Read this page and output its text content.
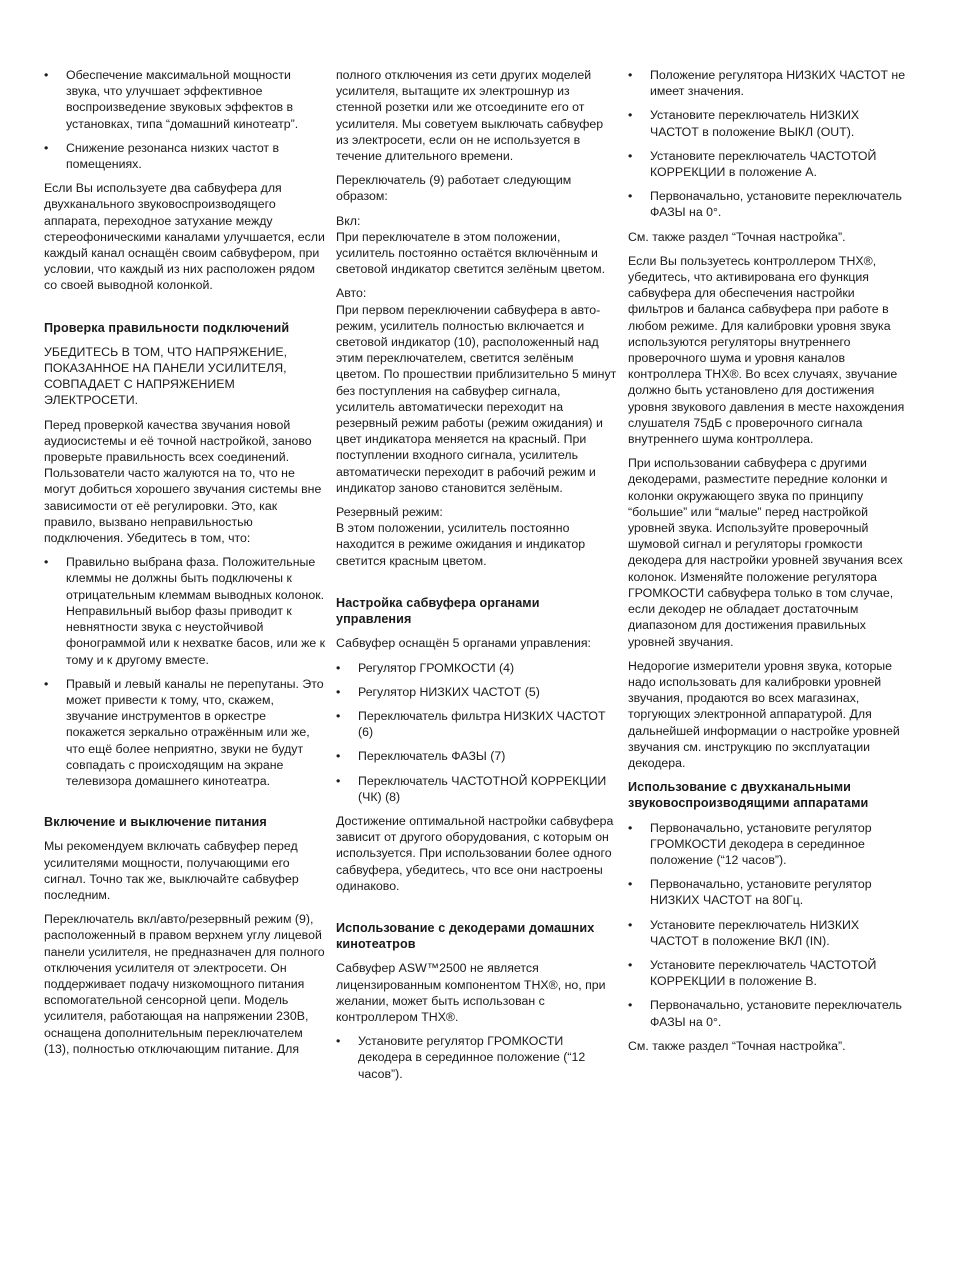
• Обеспечение максимальной мощности звука, что улучшает эффективное воспроизведение звуковых эффектов в установках, типа “домашний кинотеатр”.
• Снижение резонанса низких частот в помещениях.

Если Вы используете два сабвуфера для двухканального звуковоспроизводящего аппарата, переходное затухание между стереофоническими каналами улучшается, если каждый канал оснащён своим сабвуфером, при условии, что каждый из них расположен рядом со своей выводной колонкой.

Проверка правильности подключений

УБЕДИТЕСЬ В ТОМ, ЧТО НАПРЯЖЕНИЕ, ПОКАЗАННОЕ НА ПАНЕЛИ УСИЛИТЕЛЯ, СОВПАДАЕТ С НАПРЯЖЕНИЕМ ЭЛЕКТРОСЕТИ.

Перед проверкой качества звучания новой аудиосистемы и её точной настройкой, заново проверьте правильность всех соединений. Пользователи часто жалуются на то, что не могут добиться хорошего звучания системы вне зависимости от её регулировки. Это, как правило, вызвано неправильностью подключения. Убедитесь в том, что:

• Правильно выбрана фаза. Положительные клеммы не должны быть подключены к отрицательным клеммам выводных колонок. Неправильный выбор фазы приводит к невнятности звука с неустойчивой фонограммой или к нехватке басов, или же к тому и к другому вместе.
• Правый и левый каналы не перепутаны. Это может привести к тому, что, скажем, звучание инструментов в оркестре покажется зеркально отражённым или же, что ещё более неприятно, звуки не будут совпадать с происходящим на экране телевизора домашнего кинотеатра.
Включение и выключение питания

Мы рекомендуем включать сабвуфер перед усилителями мощности, получающими его сигнал. Точно так же, выключайте сабвуфер последним.

Переключатель вкл/авто/резервный режим (9), расположенный в правом верхнем углу лицевой панели усилителя, не предназначен для полного отключения усилителя от электросети. Он поддерживает подачу низкомощного питания вспомогательной сенсорной цепи. Модель усилителя, работающая на напряжении 230В, оснащена дополнительным переключателем (13), полностью отключающим питание. Для

полного отключения из сети других моделей усилителя, вытащите их электрошнур из стенной розетки или же отсоедините его от усилителя. Мы советуем выключать сабвуфер из электросети, если он не используется в течение длительного времени.

Переключатель (9) работает следующим образом:

Вкл:

При переключателе в этом положении, усилитель постоянно остаётся включённым и световой индикатор светится зелёным цветом.

Авто:

При первом переключении сабвуфера в авто-режим, усилитель полностью включается и световой индикатор (10), расположенный над этим переключателем, светится зелёным цветом. По прошествии приблизительно 5 минут без поступления на сабвуфер сигнала, усилитель автоматически переходит на резервный режим работы (режим ожидания) и цвет индикатора меняется на красный. При поступлении входного сигнала, усилитель автоматически переходит в рабочий режим и индикатор заново становится зелёным.

Резервный режим:

В этом положении, усилитель постоянно находится в режиме ожидания и индикатор светится красным цветом.

Настройка сабвуфера органами управления

Сабвуфер оснащён 5 органами управления:

• Регулятор ГРОМКОСТИ (4)
• Регулятор НИЗКИХ ЧАСТОТ (5)
• Переключатель фильтра НИЗКИХ ЧАСТОТ (6)
• Переключатель ФАЗЫ (7)
• Переключатель ЧАСТОТНОЙ КОРРЕКЦИИ (ЧК) (8)

Достижение оптимальной настройки сабвуфера зависит от другого оборудования, с которым он используется. При использовании более одного сабвуфера, убедитесь, что все они настроены одинаково.

Использование с декодерами домашних кинотеатров

Сабвуфер ASW™2500 не является лицензированным компонентом THX®, но, при желании, может быть использован с контроллером THX®.

• Установите регулятор ГРОМКОСТИ декодера в серединное положение (“12 часов”).
• Положение регулятора НИЗКИХ ЧАСТОТ не имеет значения.
• Установите переключатель НИЗКИХ ЧАСТОТ в положение ВЫКЛ (OUT).
• Установите переключатель ЧАСТОТОЙ КОРРЕКЦИИ в положение А.
• Первоначально, установите переключатель ФАЗЫ на 0°.

См. также раздел “Точная настройка”.

Если Вы пользуетесь контроллером THX®, убедитесь, что активирована его функция сабвуфера для обеспечения настройки фильтров и баланса сабвуфера при работе в любом режиме. Для калибровки уровня звука используются регуляторы внутреннего проверочного шума и уровня каналов контроллера THX®. Во всех случаях, звучание должно быть установлено для достижения уровня звукового давления в месте нахождения слушателя 75дБ с проверочного сигнала внутреннего шума контроллера.

При использовании сабвуфера с другими декодерами, разместите передние колонки и колонки окружающего звука по принципу “большие” или “малые” перед настройкой уровней звука. Используйте проверочный шумовой сигнал и регуляторы громкости декодера для настройки уровней звучания всех колонок. Изменяйте положение регулятора ГРОМКОСТИ сабвуфера только в том случае, если декодер не обладает достаточным диапазоном для достижения правильных уровней звучания.

Недорогие измерители уровня звука, которые надо использовать для калибровки уровней звучания, продаются во всех магазинах, торгующих электронной аппаратурой. Для дальнейшей информации о настройке уровней звучания см. инструкцию по эксплуатации декодера.

Использование с двухканальными звуковоспроизводящими аппаратами
• Первоначально, установите регулятор ГРОМКОСТИ декодера в серединное положение (“12 часов”).
• Первоначально, установите регулятор НИЗКИХ ЧАСТОТ на 80Гц.
• Установите переключатель НИЗКИХ ЧАСТОТ в положение ВКЛ (IN).
• Установите переключатель ЧАСТОТОЙ КОРРЕКЦИИ в положение В.
• Первоначально, установите переключатель ФАЗЫ на 0°.

См. также раздел “Точная настройка”.
